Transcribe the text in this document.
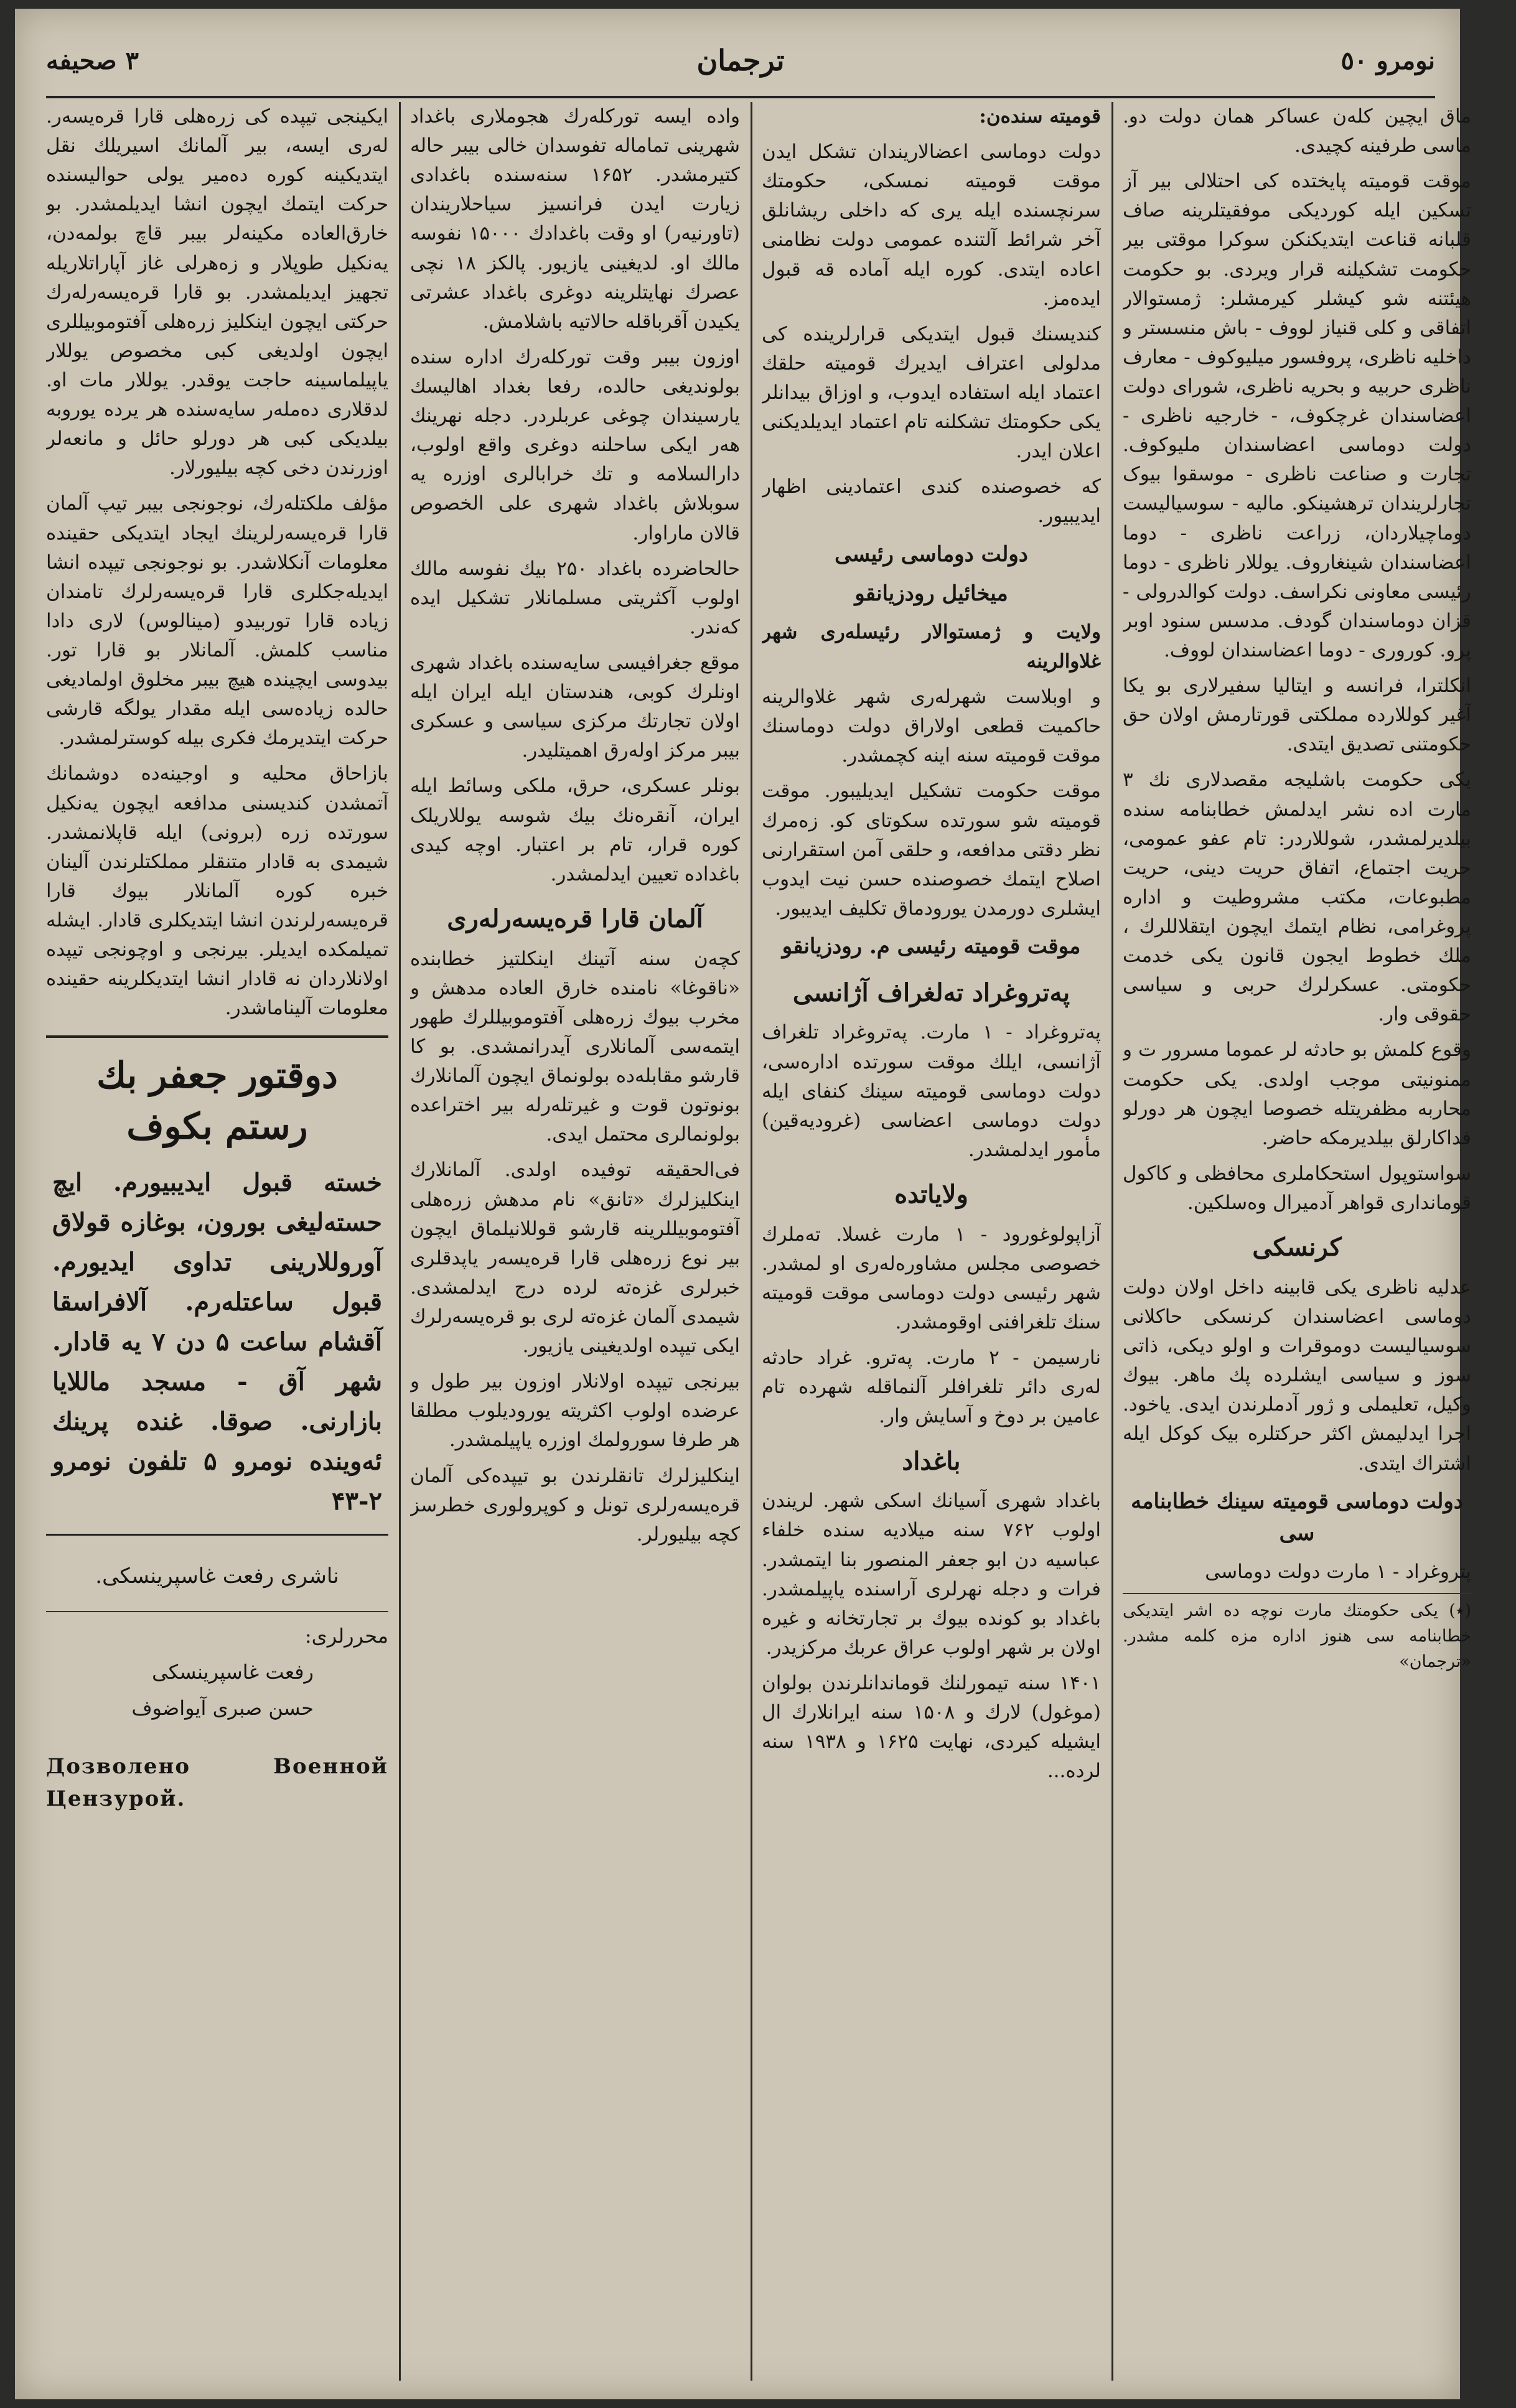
نومرو ٥٠
ترجمان
٣ صحيفه

ماق ایچین کلەن عساکر همان دولت دو. ماسی طرفینه کچیدی.

موقت قومیته پایختده کی احتلالی بیر آز تسکین ایلە کوردیکی موفقیتلرینه صاف قلبانه قناعت ایتدیکنکن سوکرا موقتی بیر حکومت تشکیلنه قرار ویردی. بو حکومت هیئتنه شو کیشلر کیرمشلر: ژمستوالار اتفاقی و کلی قنیاز لووف - باش منسستر و داخلیه ناظری، پروفسور میلیوکوف - معارف ناظری حربیه و بحریه ناظری، شورای دولت اعضاسندان غرچکوف، - خارجیه ناظری - دولت دوماسی اعضاسندان ملیوکوف. تجارت و صناعت ناظری - موسقوا بیوک تجارلریندان ترهشینکو. مالیه - سوسیالیست دوماچیلاردان، زراعت ناظری - دوما اعضاسندان شینغاروف. یوللار ناظری - دوما رئیسی معاونی نکراسف. دولت کوالدرولی - قزان دوماسندان گودف. مدسس سنود اوبر پرو. کوروری - دوما اعضاسندان لووف.

انکلترا، فرانسه و ایتالیا سفیرلاری بو یکا آغیر کوللارده مملکتی قورتارمش اولان حق حکومتنی تصدیق ایتدی.

یکی حکومت باشلیجه مقصدلاری نك ۳ مارت اده نشر ایدلمش خطابنامه سنده بیلدیرلمشدر، شوللاردر: تام عفو عمومی، حریت اجتماع، اتفاق حریت دینی، حریت مطبوعات، مکتب مشروطیت و اداره پروغرامی، نظام ایتمك ایچون ایتقلاللرك ، ملك خطوط ایجون قانون یکی خدمت حکومتی. عسکرلرك حربی و سیاسی حقوقی وار.

وقوع کلمش بو حادثه لر عموما مسرور ت و ممنونیتی موجب اولدی. یکی حکومت محاربه مظفریتله خصوصا ایچون هر دورلو فداکارلق بیلدیرمکه حاضر.

سواستوپول استحکاملری محافظی و کاکول قومانداری قواهر آدمیرال وەسلکین.

کرنسکی

عدلیه ناظری یکی قابینه داخل اولان دولت دوماسی اعضاسندان کرنسکی حاکلانی سوسیالیست دوموقرات و اولو دیکی، ذاتی سوز و سیاسی ایشلرده پك ماهر. بیوك وکیل، تعلیملی و ژور آدملرندن ایدی. یاخود. اجرا ایدلیمش اکثر حرکتلره بیک کوکل ایله اشتراك ایتدی.

دولت دوماسی قومیته سینك خطابنامه سی

پتروغراد - ۱ مارت دولت دوماسی

(٭) یکی حکومتك مارت نوچه ده اشر ایتدیکی خطابنامه سی هنوز اداره مزه کلمه مشدر. «ترجمان»

قومیته سندەن:

دولت دوماسی اعضالاریندان تشکل ایدن موقت قومیته نمسکی، حکومتك سرنچسنده ایلە یری که داخلی ریشانلق آخر شرائط آلتنده عمومی دولت نظامنی اعاده ایتدی. کوره ایله آماده قه قبول ایدەمز.

کندیسنك قبول ایتدیکی قرارلرینده کی مدلولی اعتراف ایدیرك قومیته حلقك اعتماد ایله استفاده ایدوب، و اوزاق بیدانلر یکی حکومتك تشکلنه تام اعتماد ایدیلدیکنی اعلان ایدر.

که خصوصنده کندی اعتمادینی اظهار ایدیبیور.

دولت دوماسی رئیسی
میخائیل رودزیانقو

ولایت و ژمستوالار رئیسلەری شهر غلاوالرینه

و اوبلاست شهرلەری شهر غلاوالرینه حاکمیت قطعی اولاراق دولت دوماسنك موقت قومیته سنه اینه کچمشدر.

موقت حکومت تشکیل ایدیلیبور. موقت قومیته شو سورتده سکوتای کو. زەمرك نظر دقتی مدافعه، و حلقی آمن استقرارنی اصلاح ایتمك خصوصنده حسن نیت ایدوب ایشلری دورمدن یورودماق تکلیف ایدیبور.

موقت قومیته رئیسی م. رودزیانقو
پەتروغراد تەلغراف آژانسی

پەتروغراد - ۱ مارت. پەتروغراد تلغراف آژانسی، ایلك موقت سورتده ادارەسی، دولت دوماسی قومیته سینك کنفای ایله دولت دوماسی اعضاسی (غرودیەقین) مأمور ایدلمشدر.

ولایاتده

آزاپولوغورود - ۱ مارت غسلا. تەملرك خصوصی مجلس مشاورەلەری او لمشدر. شهر رئیسی دولت دوماسی موقت قومیته سنك تلغرافنی اوقومشدر.

نارسیمن - ۲ مارت. پەترو. غراد حادثه لەری دائر تلغرافلر آلنماقله شهرده تام عامین بر دوخ و آسایش وار.

باغداد

باغداد شهری آسیانك اسکی شهر. لریندن اولوب ۷۶۲ سنه میلادیه سنده خلفاء عباسیه دن ابو جعفر المنصور بنا ایتمشدر. فرات و دجله نهرلری آراسنده یاپیلمشدر. باغداد بو کوندە بیوك بر تجارتخانه و غیره اولان بر شهر اولوب عراق عربك مرکزیدر.

۱۴۰۱ سنه تیمورلنك قوماندانلرندن بولوان (موغول) لارك و ۱۵۰۸ سنه ایرانلارك ال ایشیله کیردی، نهایت ۱۶۲۵ و ۱۹۳۸ سنه لرده...

واده ایسه تورکلەرك هجوملاری باغداد شهرینی تماماله تفوسدان خالی بیبر حالە کتیرمشدر. ۱۶۵۲ سنەسندە باغدادی زیارت ایدن فرانسیز سیاحلاریندان (تاورنیەر) او وقت باغدادك ۱۵۰۰۰ نفوسه مالك او. لدیغینی یازیور. پالکز ۱۸ نچی عصرك نهایتلرینه دوغری باغداد عشرتی یکیدن آقرباقله حالاتیه باشلامش.

اوزون بیبر وقت تورکلەرك اداره سنده بولوندیغی حالده، رفعا بغداد اهالیسك یارسیندان چوغی عربلردر. دجله نهرینك هەر ایکی ساحلنه دوغری واقع اولوب، دارالسلامه و تك خرابالری اوزره یه سوبلاش باغداد شهری علی الخصوص قالان ماراوار.

حالحاضرده باغداد ۲۵۰ بیك نفوسه مالك اولوب آکثریتی مسلمانلار تشکیل ایده کەندر.

موقع جغرافیسی سایەسندە باغداد شهری اونلرك کوبی، هندستان ایله ایران ایله اولان تجارتك مرکزی سیاسی و عسکری بیبر مرکز اولەرق اهمیتلیدر.

بونلر عسکری، حرق، ملکی وسائط ایله ایران، آنقرەنك بیك شوسه یوللاریلک کوره قرار، تام بر اعتبار. اوچه کیدی باغداده تعیین ایدلمشدر.

آلمان قارا قرەیسەرلەری

کچەن سنه آتینك اینکلتیز خطابندە «ناقوغا» نامنده خارق العاده مدهش و مخرب بیوك زرەهلی آفتوموبیللرك طهور ایتمەسی آلمانلاری آیدرانمشدی. بو کا قارشو مقابلەده بولونماق ایچون آلمانلارك بونوتون قوت و غیرتلەرلە بیر اختراعدە بولونمالری محتمل ایدی.

فی‌الحقیقه توفیده اولدی. آلمانلارك اینکلیزلرك «تانق» نام مدهش زرەهلی آفتوموبیللرینه قارشو قوللانیلماق ایچون بیر نوع زرەهلی قارا قرەیسەر یاپدقلری خبرلری غزەته لرده درج ایدلمشدی. شیمدی آلمان غزەته لری بو قرەیسەرلرك ایکی تیپده اولدیغینی یازیور.

بیرنجی تیپده اولانلار اوزون بیر طول و عرضده اولوب اکثریته یورودیلوب مطلقا هر طرفا سورولمك اوزره یاپیلمشدر.

اینکلیزلرك تانقلرندن بو تیپدەکی آلمان قرەیسەرلری تونل و کوپرولوری خطرسز کچه بیلیورلر.

ایکینجی تیپده کی زرەهلی قارا قرەیسەر. لەری ایسه، بیر آلمانك اسیریلك نقل ایتدیکینه کوره دەمیر یولی حوالیسنده حرکت ایتمك ایچون انشا ایدیلمشدر. بو خارق‌العاده مکینەلر بیبر قاچ بولمەدن، یەنکیل طوپلار و زەهرلی غاز آپاراتلاریله تجهیز ایدیلمشدر. بو قارا قرەیسەرلەرك حرکتی ایچون اینکلیز زرەهلی آفتوموبیللری ایچون اولدیغی کبی مخصوص یوللار یاپیلماسینه حاجت یوقدر. یوللار مات او. لدقلاری دەملەر سایەسندە هر یرده یوروبه بیلدیکی کبی هر دورلو حائل و مانعەلر اوزرندن دخی کچه بیلیورلار.

مؤلف ملکتلەرك، نوجونجی بیبر تیپ آلمان قارا قرەیسەرلرینك ایجاد ایتدیکی حقینده معلومات آنکلاشدر. بو نوجونجی تیپده انشا ایدیلەجکلری قارا قرەیسەرلرك تامندان زیاده قارا توربیدو (مینالوس) لاری دادا مناسب کلمش. آلمانلار بو قارا تور. بیدوسی ایچیندە هیچ بیبر مخلوق اولمادیغی حالده زیادەسی ایله مقدار یولگە قارشی حرکت ایتدیرمك فکری بیله کوسترلمشدر.

بازاحاق محلیه و اوجینەده دوشمانك آتمشدن کندیسنی مدافعه ایچون یەنکیل سورتده زره (برونی) ایله قاپلانمشدر. شیمدی به قادار متنقلر مملکتلرندن آلینان خبره کوره آلمانلار بیوك قارا قرەیسەرلرندن انشا ایتدیکلری قادار. ایشله تمیلمکده ایدیلر. بیرنجی و اوچونجی تیپده اولانلاردان نه قادار انشا ایتدیکلرینه حقینده معلومات آلیناماشدر.

دوقتور جعفر بك رستم بکوف
خسته قبول ایدیبیورم. ایچ حسته‌لیغی بورون، بوغازه قولاق آوروللارینی تداوی ایدیورم. قبول ساعتلەرم. آلافراسقا آقشام ساعت ۵ دن ۷ یه قادار. شهر آق - مسجد ماللایا بازارنی. صوقا. غنده پرینك ئەوینده نومرو ۵ تلفون نومرو ۲-۴۳
ناشری رفعت غاسپرینسکی.
محررلری:
رفعت غاسپرینسکی
حسن صبری آیواضوف
Дозволено Военной Цензурой.
